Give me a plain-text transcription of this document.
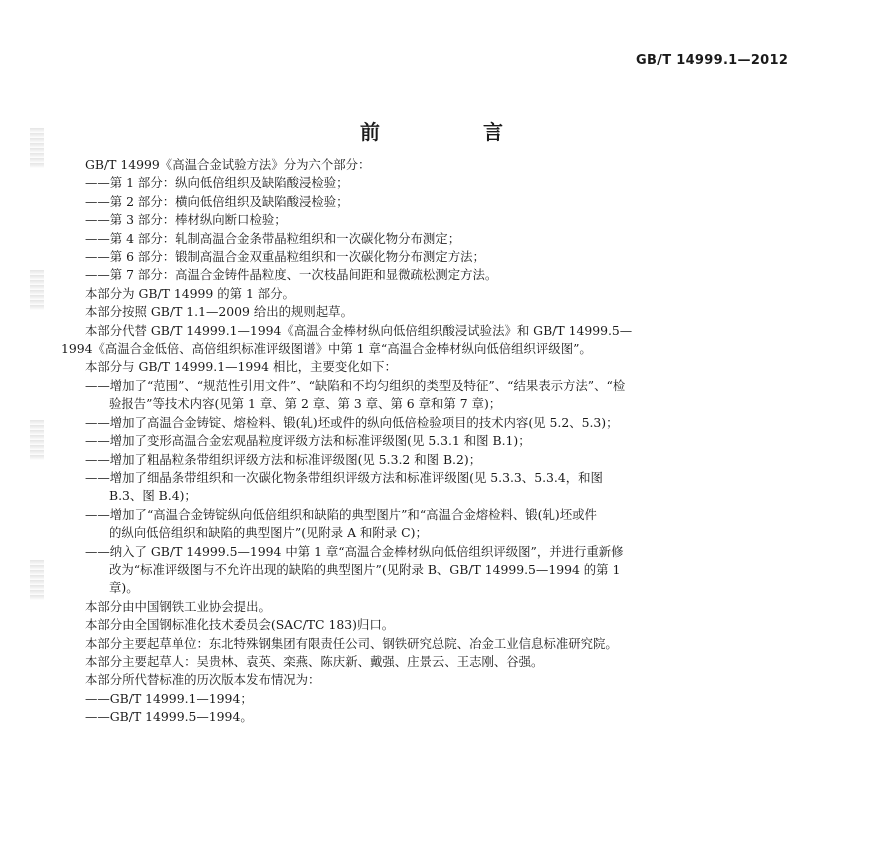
GB/T 14999.1—2012
前 言

GB/T 14999《高温合金试验方法》分为六个部分：

——第 1 部分：纵向低倍组织及缺陷酸浸检验；

——第 2 部分：横向低倍组织及缺陷酸浸检验；

——第 3 部分：棒材纵向断口检验；

——第 4 部分：轧制高温合金条带晶粒组织和一次碳化物分布测定；

——第 6 部分：锻制高温合金双重晶粒组织和一次碳化物分布测定方法；

——第 7 部分：高温合金铸件晶粒度、一次枝晶间距和显微疏松测定方法。

本部分为 GB/T 14999 的第 1 部分。

本部分按照 GB/T 1.1—2009 给出的规则起草。

本部分代替 GB/T 14999.1—1994《高温合金棒材纵向低倍组织酸浸试验法》和 GB/T 14999.5—

1994《高温合金低倍、高倍组织标准评级图谱》中第 1 章“高温合金棒材纵向低倍组织评级图”。

本部分与 GB/T 14999.1—1994 相比，主要变化如下：

——增加了“范围”、“规范性引用文件”、“缺陷和不均匀组织的类型及特征”、“结果表示方法”、“检

验报告”等技术内容(见第 1 章、第 2 章、第 3 章、第 6 章和第 7 章)；

——增加了高温合金铸锭、熔检料、锻(轧)坯或件的纵向低倍检验项目的技术内容(见 5.2、5.3)；

——增加了变形高温合金宏观晶粒度评级方法和标准评级图(见 5.3.1 和图 B.1)；

——增加了粗晶粒条带组织评级方法和标准评级图(见 5.3.2 和图 B.2)；

——增加了细晶条带组织和一次碳化物条带组织评级方法和标准评级图(见 5.3.3、5.3.4，和图

B.3、图 B.4)；

——增加了“高温合金铸锭纵向低倍组织和缺陷的典型图片”和“高温合金熔检料、锻(轧)坯或件

的纵向低倍组织和缺陷的典型图片”(见附录 A 和附录 C)；

——纳入了 GB/T 14999.5—1994 中第 1 章“高温合金棒材纵向低倍组织评级图”，并进行重新修

改为“标准评级图与不允许出现的缺陷的典型图片”(见附录 B、GB/T 14999.5—1994 的第 1

章)。

本部分由中国钢铁工业协会提出。

本部分由全国钢标准化技术委员会(SAC/TC 183)归口。

本部分主要起草单位：东北特殊钢集团有限责任公司、钢铁研究总院、冶金工业信息标准研究院。

本部分主要起草人：吴贵林、袁英、栾燕、陈庆新、戴强、庄景云、王志刚、谷强。

本部分所代替标准的历次版本发布情况为：

——GB/T 14999.1—1994；

——GB/T 14999.5—1994。
